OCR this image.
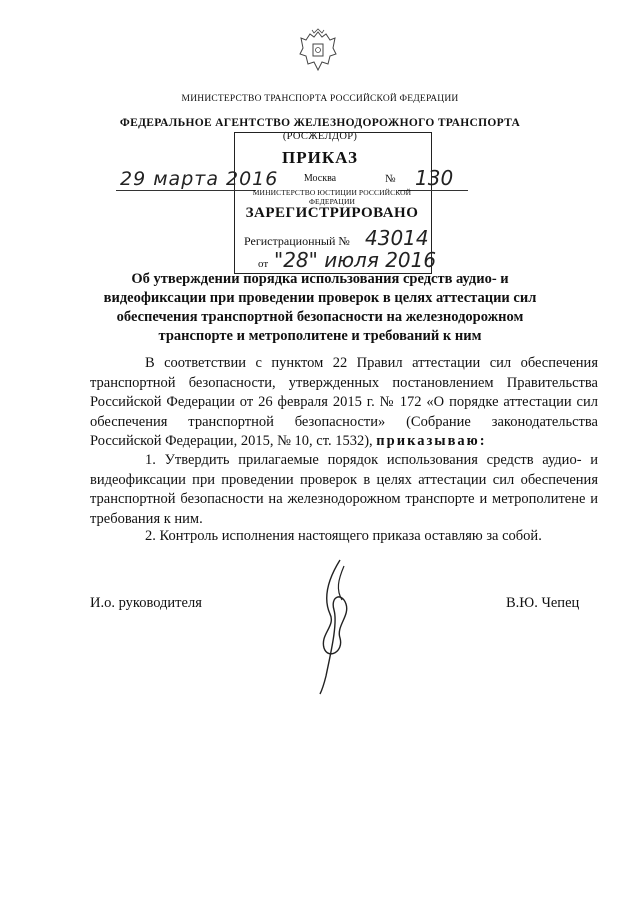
МИНИСТЕРСТВО ТРАНСПОРТА РОССИЙСКОЙ ФЕДЕРАЦИИ
ФЕДЕРАЛЬНОЕ АГЕНТСТВО ЖЕЛЕЗНОДОРОЖНОГО ТРАНСПОРТА
(РОСЖЕЛДОР)
ПРИКАЗ
Москва	№
29 марта 2016	130
МИНИСТЕРСТВО ЮСТИЦИИ РОССИЙСКОЙ ФЕДЕРАЦИИ
ЗАРЕГИСТРИРОВАНО
Регистрационный № 43014
от "28" июля 2016
Об утверждении порядка использования средств аудио- и видеофиксации при проведении проверок в целях аттестации сил обеспечения транспортной безопасности на железнодорожном транспорте и метрополитене и требований к ним
В соответствии с пунктом 22 Правил аттестации сил обеспечения транспортной безопасности, утвержденных постановлением Правительства Российской Федерации от 26 февраля 2015 г. № 172 «О порядке аттестации сил обеспечения транспортной безопасности» (Собрание законодательства Российской Федерации, 2015, № 10, ст. 1532), приказываю:
1. Утвердить прилагаемые порядок использования средств аудио- и видеофиксации при проведении проверок в целях аттестации сил обеспечения транспортной безопасности на железнодорожном транспорте и метрополитене и требования к ним.
2. Контроль исполнения настоящего приказа оставляю за собой.
И.о. руководителя	В.Ю. Чепец
